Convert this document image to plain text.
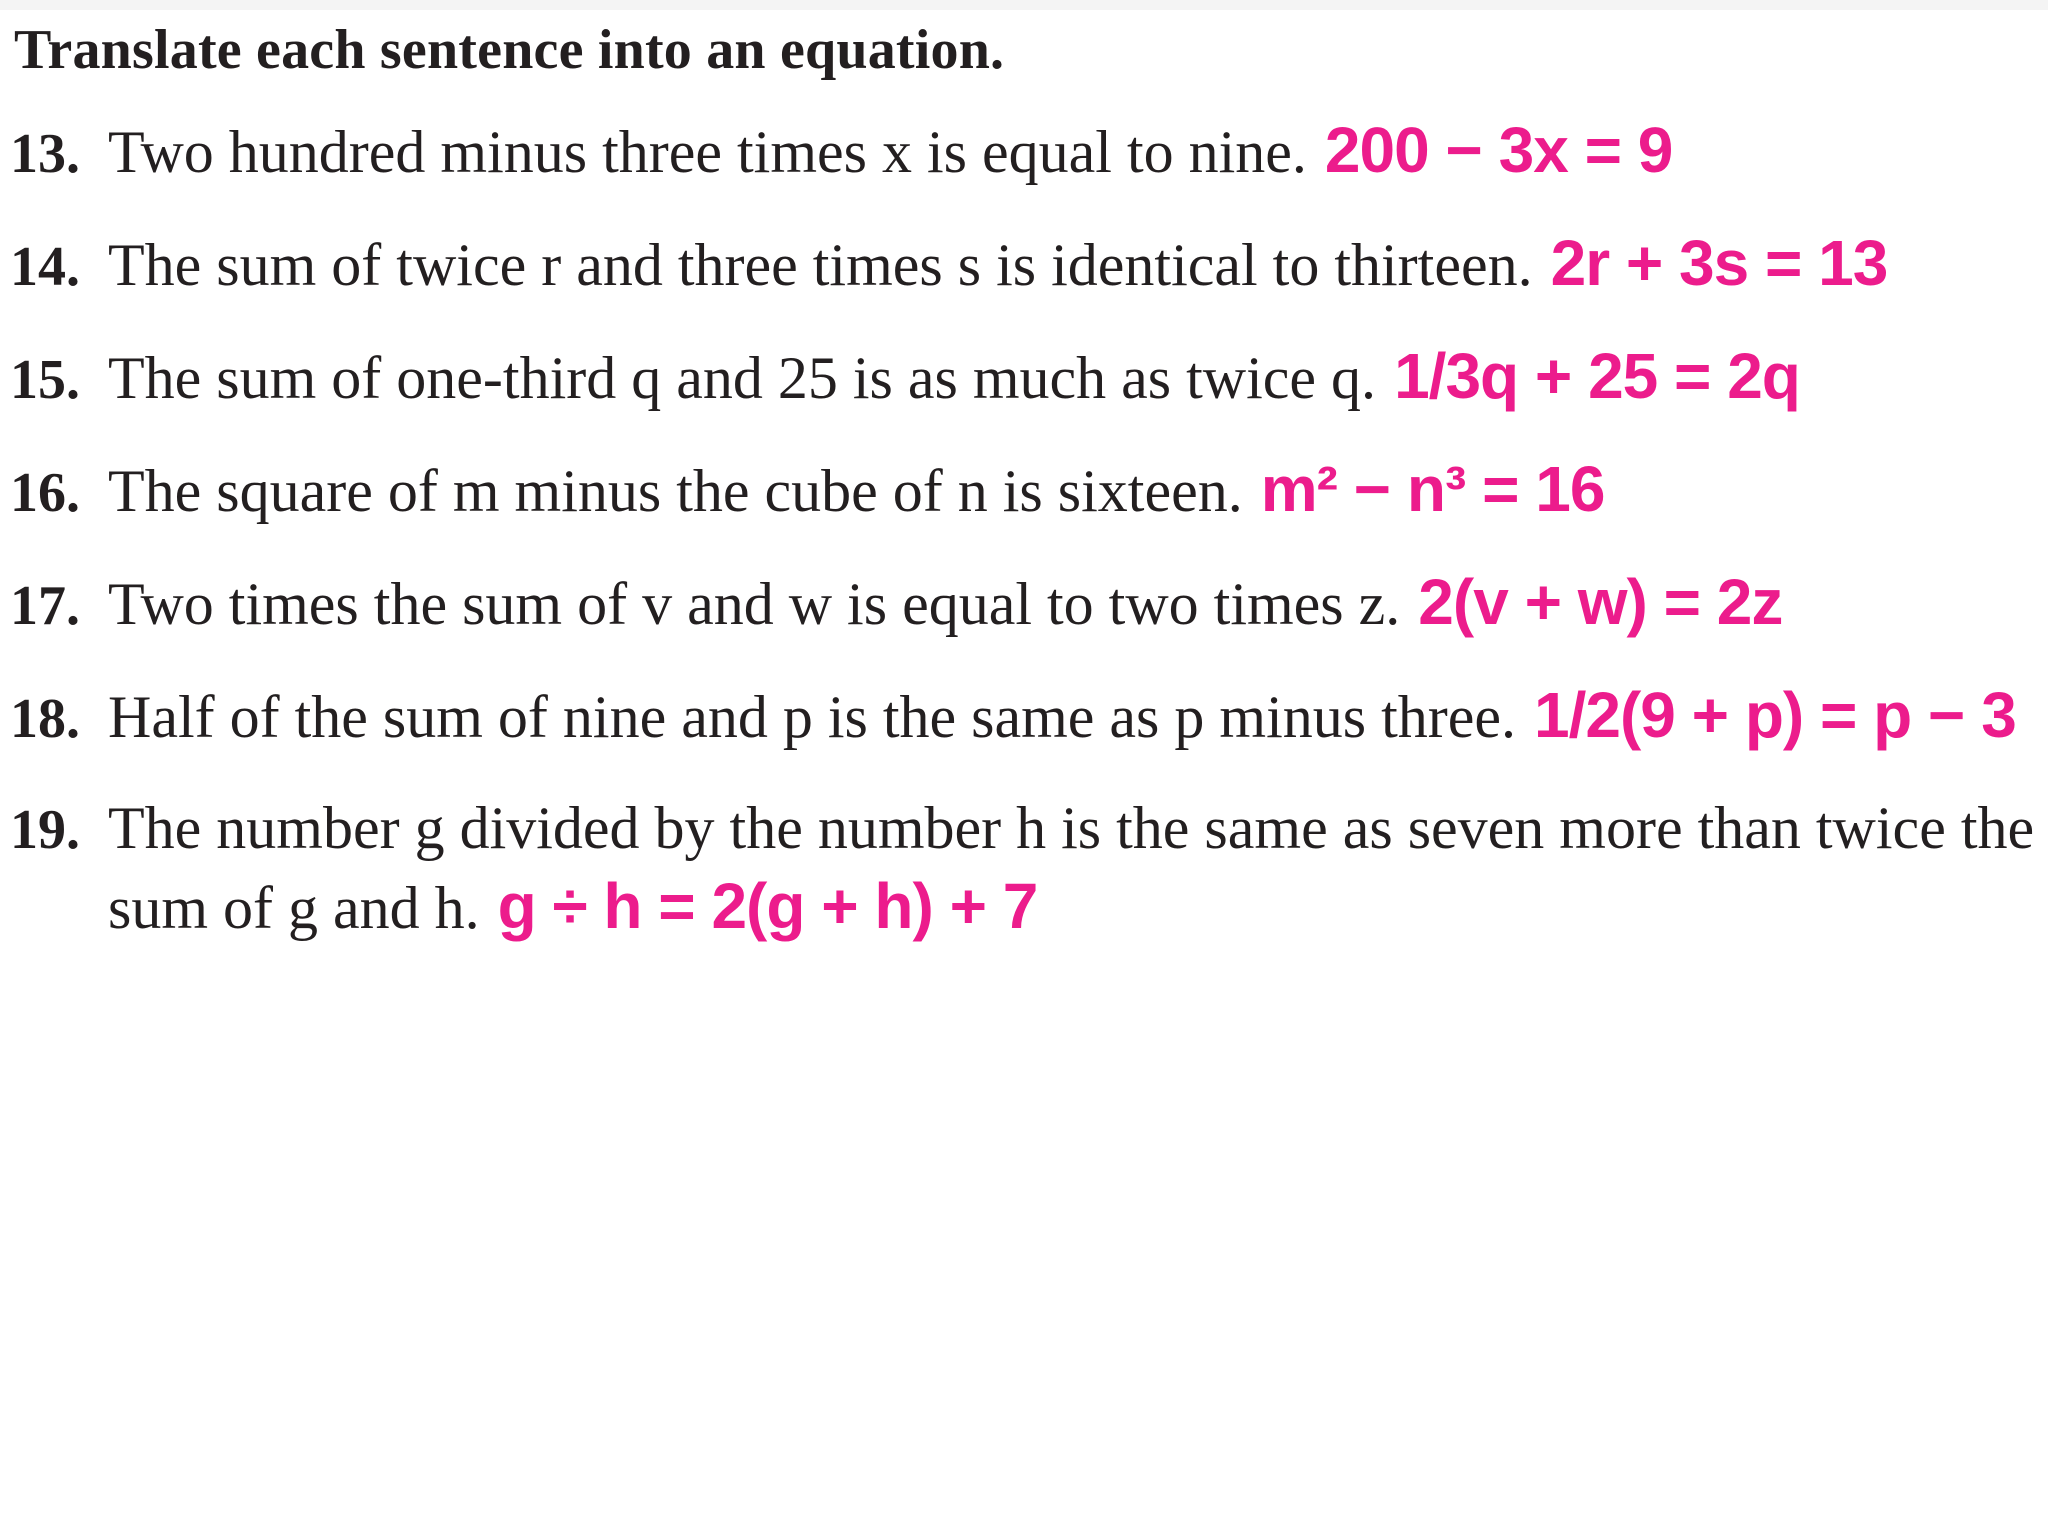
Translate each sentence into an equation.
13. Two hundred minus three times x is equal to nine. 200 − 3x = 9
14. The sum of twice r and three times s is identical to thirteen. 2r + 3s = 13
15. The sum of one-third q and 25 is as much as twice q. 1/3q + 25 = 2q
16. The square of m minus the cube of n is sixteen. m² − n³ = 16
17. Two times the sum of v and w is equal to two times z. 2(v + w) = 2z
18. Half of the sum of nine and p is the same as p minus three. 1/2(9 + p) = p − 3
19. The number g divided by the number h is the same as seven more than twice the
sum of g and h. g ÷ h = 2(g + h) + 7
